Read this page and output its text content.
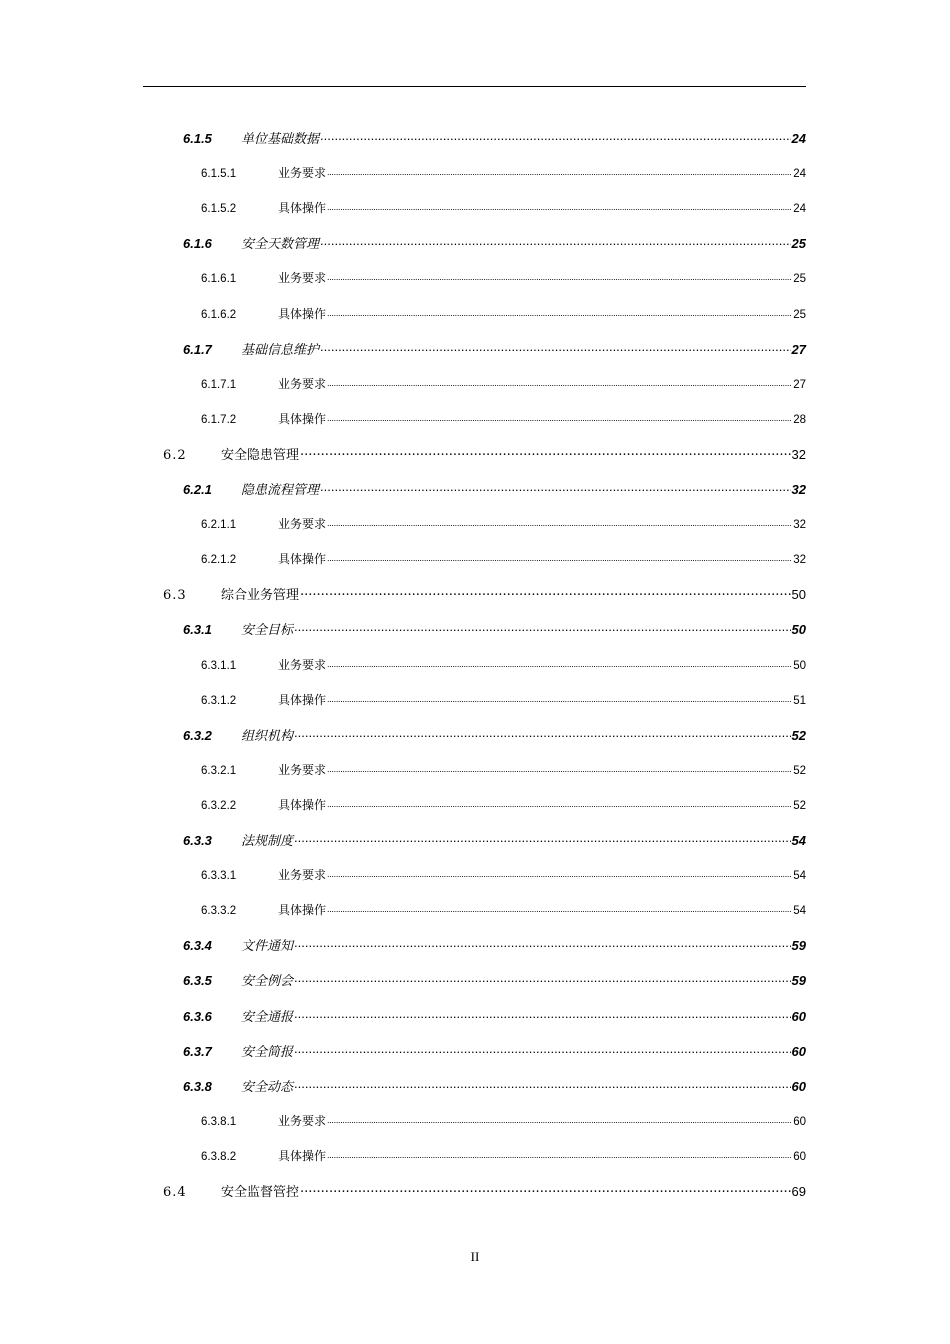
6.1.5	单位基础数据 .....	24
6.1.5.1	业务要求 .....	24
6.1.5.2	具体操作 .....	24
6.1.6	安全天数管理 .....	25
6.1.6.1	业务要求 .....	25
6.1.6.2	具体操作 .....	25
6.1.7	基础信息维护 .....	27
6.1.7.1	业务要求 .....	27
6.1.7.2	具体操作 .....	28
6.2	安全隐患管理 .....	32
6.2.1	隐患流程管理 .....	32
6.2.1.1	业务要求 .....	32
6.2.1.2	具体操作 .....	32
6.3	综合业务管理 .....	50
6.3.1	安全目标 .....	50
6.3.1.1	业务要求 .....	50
6.3.1.2	具体操作 .....	51
6.3.2	组织机构 .....	52
6.3.2.1	业务要求 .....	52
6.3.2.2	具体操作 .....	52
6.3.3	法规制度 .....	54
6.3.3.1	业务要求 .....	54
6.3.3.2	具体操作 .....	54
6.3.4	文件通知 .....	59
6.3.5	安全例会 .....	59
6.3.6	安全通报 .....	60
6.3.7	安全简报 .....	60
6.3.8	安全动态 .....	60
6.3.8.1	业务要求 .....	60
6.3.8.2	具体操作 .....	60
6.4	安全监督管控 .....	69
II
